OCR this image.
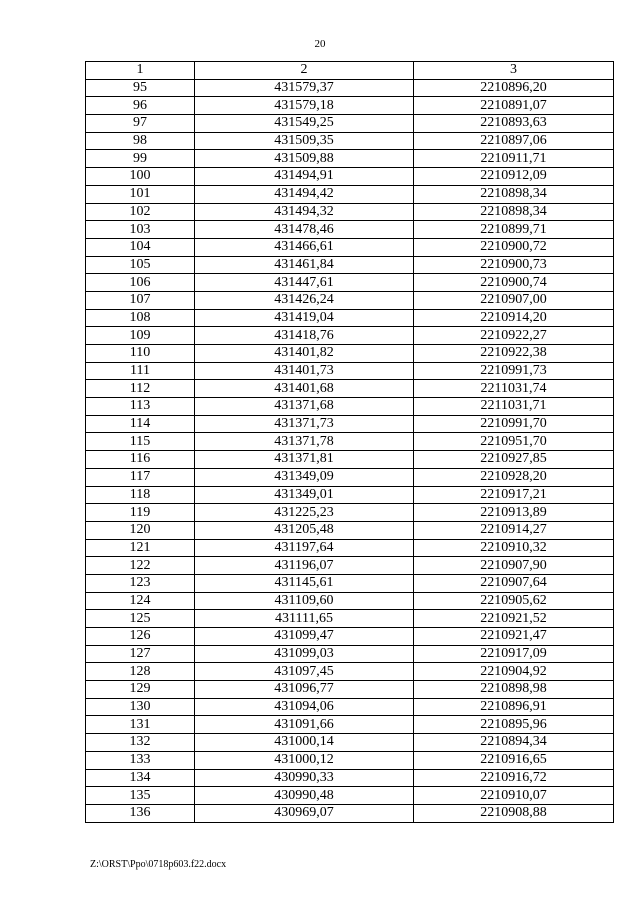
20
1	2	3
95	431579,37	2210896,20
96	431579,18	2210891,07
97	431549,25	2210893,63
98	431509,35	2210897,06
99	431509,88	2210911,71
100	431494,91	2210912,09
101	431494,42	2210898,34
102	431494,32	2210898,34
103	431478,46	2210899,71
104	431466,61	2210900,72
105	431461,84	2210900,73
106	431447,61	2210900,74
107	431426,24	2210907,00
108	431419,04	2210914,20
109	431418,76	2210922,27
110	431401,82	2210922,38
111	431401,73	2210991,73
112	431401,68	2211031,74
113	431371,68	2211031,71
114	431371,73	2210991,70
115	431371,78	2210951,70
116	431371,81	2210927,85
117	431349,09	2210928,20
118	431349,01	2210917,21
119	431225,23	2210913,89
120	431205,48	2210914,27
121	431197,64	2210910,32
122	431196,07	2210907,90
123	431145,61	2210907,64
124	431109,60	2210905,62
125	431111,65	2210921,52
126	431099,47	2210921,47
127	431099,03	2210917,09
128	431097,45	2210904,92
129	431096,77	2210898,98
130	431094,06	2210896,91
131	431091,66	2210895,96
132	431000,14	2210894,34
133	431000,12	2210916,65
134	430990,33	2210916,72
135	430990,48	2210910,07
136	430969,07	2210908,88
Z:\ORST\Ppo\0718p603.f22.docx
